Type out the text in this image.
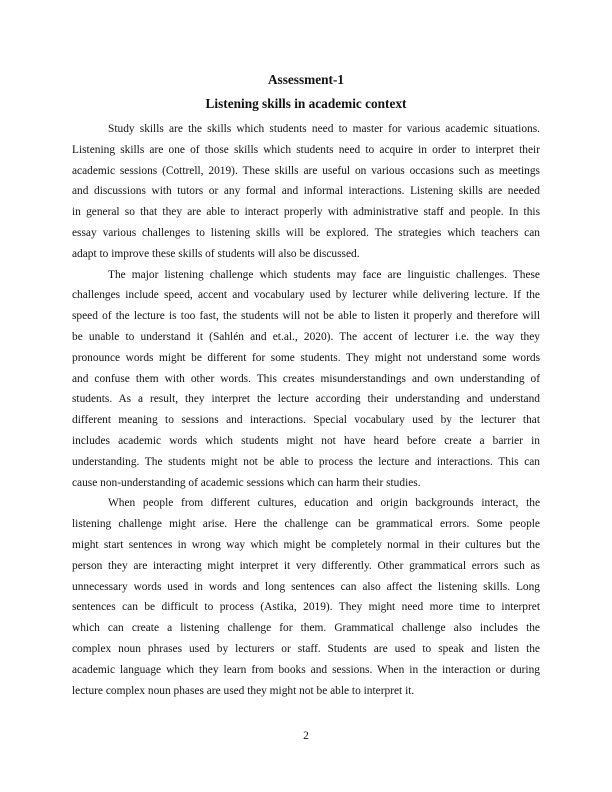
Assessment-1
Listening skills in academic context
Study skills are the skills which students need to master for various academic situations.
Listening skills are one of those skills which students need to acquire in order to interpret their
academic sessions (Cottrell, 2019). These skills are useful on various occasions such as meetings
and discussions with tutors or any formal and informal interactions. Listening skills are needed
in general so that they are able to interact properly with administrative staff and people. In this
essay various challenges to listening skills will be explored. The strategies which teachers can
adapt to improve these skills of students will also be discussed.
The major listening challenge which students may face are linguistic challenges. These
challenges include speed, accent and vocabulary used by lecturer while delivering lecture. If the
speed of the lecture is too fast, the students will not be able to listen it properly and therefore will
be unable to understand it (Sahlén and et.al., 2020). The accent of lecturer i.e. the way they
pronounce words might be different for some students. They might not understand some words
and confuse them with other words. This creates misunderstandings and own understanding of
students. As a result, they interpret the lecture according their understanding and understand
different meaning to sessions and interactions. Special vocabulary used by the lecturer that
includes academic words which students might not have heard before create a barrier in
understanding. The students might not be able to process the lecture and interactions. This can
cause non-understanding of academic sessions which can harm their studies.
When people from different cultures, education and origin backgrounds interact, the
listening challenge might arise. Here the challenge can be grammatical errors. Some people
might start sentences in wrong way which might be completely normal in their cultures but the
person they are interacting might interpret it very differently. Other grammatical errors such as
unnecessary words used in words and long sentences can also affect the listening skills. Long
sentences can be difficult to process (Astika, 2019). They might need more time to interpret
which can create a listening challenge for them. Grammatical challenge also includes the
complex noun phrases used by lecturers or staff. Students are used to speak and listen the
academic language which they learn from books and sessions. When in the interaction or during
lecture complex noun phases are used they might not be able to interpret it.
2
